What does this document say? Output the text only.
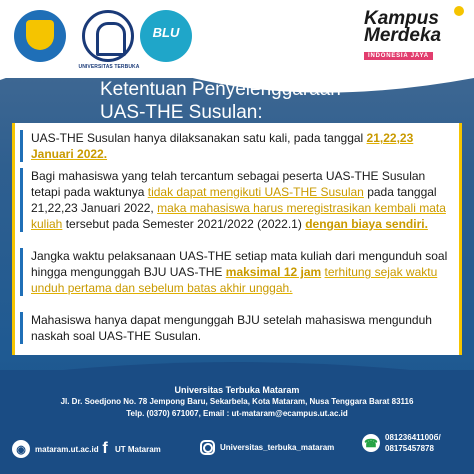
UNIVERSITAS TERBUKA
BLU
Kampus
Merdeka
INDONESIA JAYA
Ketentuan Penyelenggaraan
UAS-THE Susulan:
UAS-THE Susulan hanya dilaksanakan satu kali, pada tanggal 21,22,23 Januari 2022.
Bagi mahasiswa yang telah tercantum sebagai peserta UAS-THE Susulan tetapi pada waktunya tidak dapat mengikuti UAS-THE Susulan pada tanggal 21,22,23 Januari 2022, maka mahasiswa harus meregistrasikan kembali mata kuliah tersebut pada Semester 2021/2022 (2022.1) dengan biaya sendiri.
Jangka waktu pelaksanaan UAS-THE setiap mata kuliah dari mengunduh soal hingga mengunggah BJU UAS-THE maksimal 12 jam terhitung sejak waktu unduh pertama dan sebelum batas akhir unggah.
Mahasiswa hanya dapat mengunggah BJU setelah mahasiswa mengunduh naskah soal UAS-THE Susulan.
Universitas Terbuka Mataram
Jl. Dr. Soedjono No. 78 Jempong Baru, Sekarbela, Kota Mataram, Nusa Tenggara Barat 83116
Telp. (0370) 671007, Email : ut-mataram@ecampus.ut.ac.id
◉	mataram.ut.ac.id f UT Mataram	Universitas_terbuka_mataram	☎ 08123641100б/
08175457878
